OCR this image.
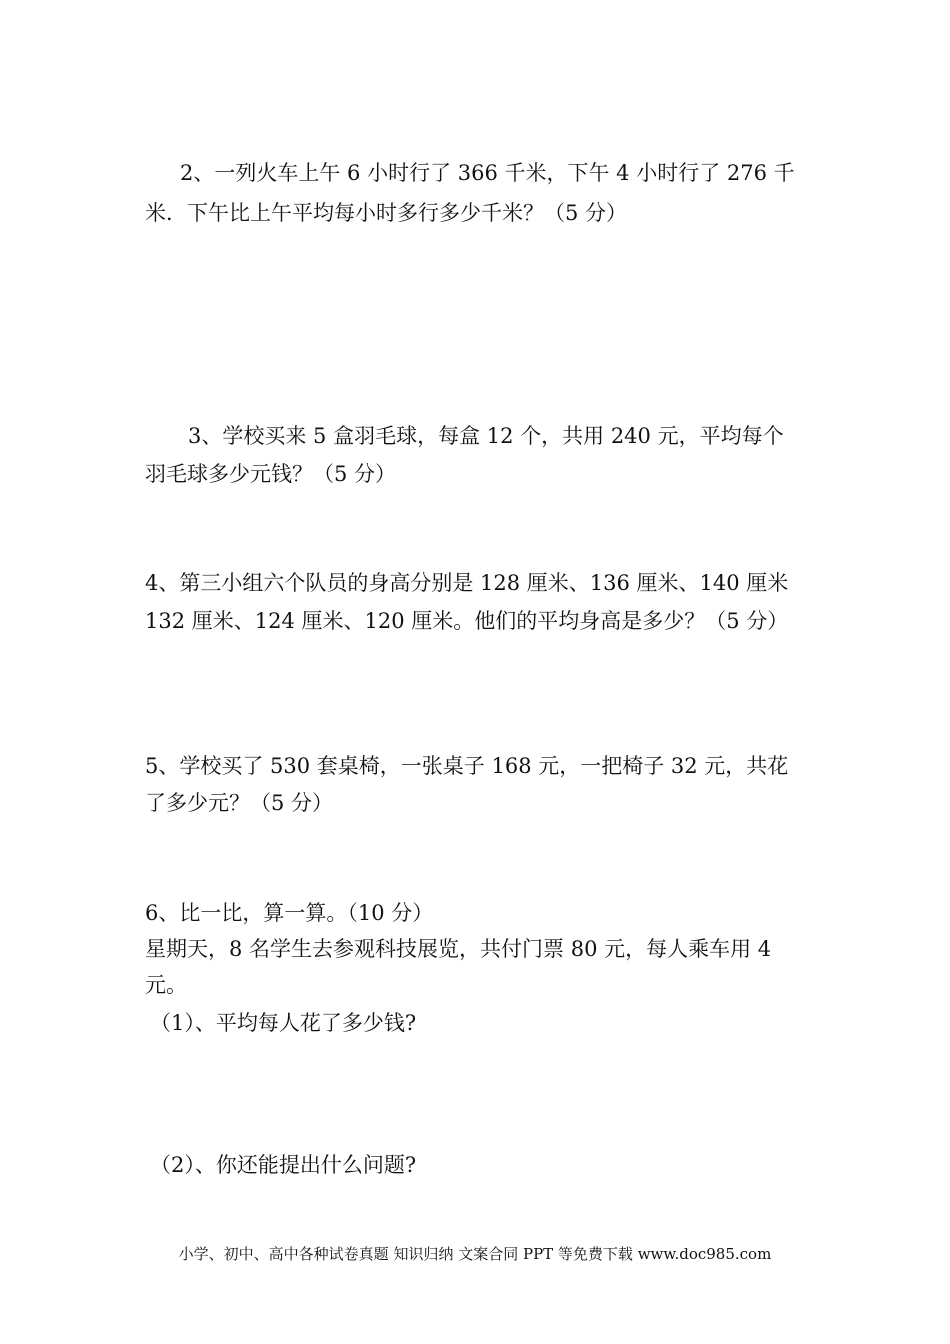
2、一列火车上午 6 小时行了 366 千米，下午 4 小时行了 276 千
米．下午比上午平均每小时多行多少千米？（5 分）
3、学校买来 5 盒羽毛球，每盒 12 个，共用 240 元，平均每个
羽毛球多少元钱？（5 分）
4、第三小组六个队员的身高分别是 128 厘米、136 厘米、140 厘米
132 厘米、124 厘米、120 厘米。他们的平均身高是多少？（5 分）
5、学校买了 530 套桌椅，一张桌子 168 元，一把椅子 32 元，共花
了多少元？（5 分）
6、比一比，算一算。（10 分）
星期天，8 名学生去参观科技展览，共付门票 80 元，每人乘车用 4
元。
（1）、平均每人花了多少钱?
（2）、你还能提出什么问题?
小学、初中、高中各种试卷真题 知识归纳 文案合同 PPT 等免费下载 www.doc985.com
